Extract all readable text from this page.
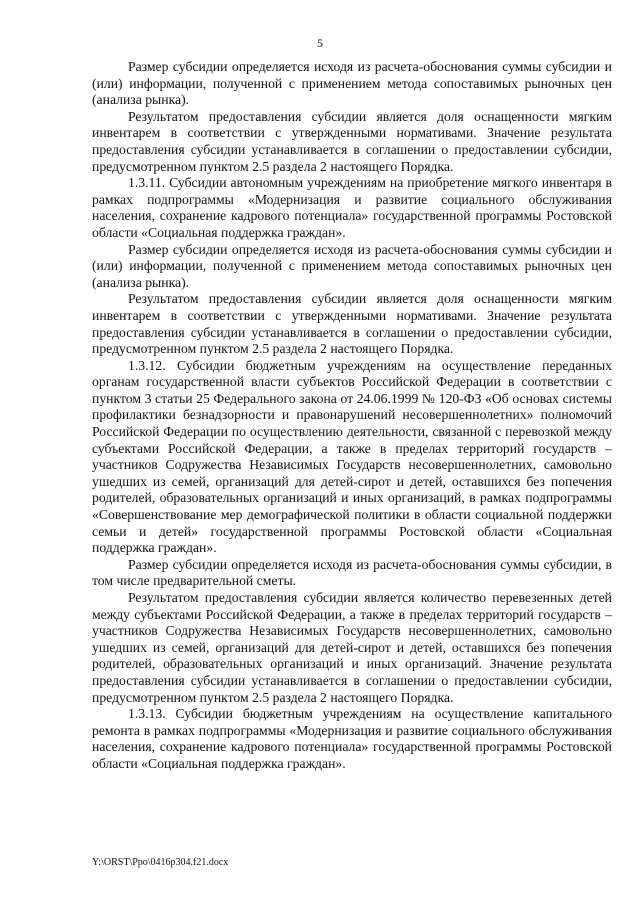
5

Размер субсидии определяется исходя из расчета-обоснования суммы субсидии и (или) информации, полученной с применением метода сопоставимых рыночных цен (анализа рынка).

Результатом предоставления субсидии является доля оснащенности мягким инвентарем в соответствии с утвержденными нормативами. Значение результата предоставления субсидии устанавливается в соглашении о предоставлении субсидии, предусмотренном пунктом 2.5 раздела 2 настоящего Порядка.

1.3.11. Субсидии автономным учреждениям на приобретение мягкого инвентаря в рамках подпрограммы «Модернизация и развитие социального обслуживания населения, сохранение кадрового потенциала» государственной программы Ростовской области «Социальная поддержка граждан».

Размер субсидии определяется исходя из расчета-обоснования суммы субсидии и (или) информации, полученной с применением метода сопоставимых рыночных цен (анализа рынка).

Результатом предоставления субсидии является доля оснащенности мягким инвентарем в соответствии с утвержденными нормативами. Значение результата предоставления субсидии устанавливается в соглашении о предоставлении субсидии, предусмотренном пунктом 2.5 раздела 2 настоящего Порядка.

1.3.12. Субсидии бюджетным учреждениям на осуществление переданных органам государственной власти субъектов Российской Федерации в соответствии с пунктом 3 статьи 25 Федерального закона от 24.06.1999 № 120-ФЗ «Об основах системы профилактики безнадзорности и правонарушений несовершеннолетних» полномочий Российской Федерации по осуществлению деятельности, связанной с перевозкой между субъектами Российской Федерации, а также в пределах территорий государств – участников Содружества Независимых Государств несовершеннолетних, самовольно ушедших из семей, организаций для детей-сирот и детей, оставшихся без попечения родителей, образовательных организаций и иных организаций, в рамках подпрограммы «Совершенствование мер демографической политики в области социальной поддержки семьи и детей» государственной программы Ростовской области «Социальная поддержка граждан».

Размер субсидии определяется исходя из расчета-обоснования суммы субсидии, в том числе предварительной сметы.

Результатом предоставления субсидии является количество перевезенных детей между субъектами Российской Федерации, а также в пределах территорий государств – участников Содружества Независимых Государств несовершеннолетних, самовольно ушедших из семей, организаций для детей-сирот и детей, оставшихся без попечения родителей, образовательных организаций и иных организаций. Значение результата предоставления субсидии устанавливается в соглашении о предоставлении субсидии, предусмотренном пунктом 2.5 раздела 2 настоящего Порядка.

1.3.13. Субсидии бюджетным учреждениям на осуществление капитального ремонта в рамках подпрограммы «Модернизация и развитие социального обслуживания населения, сохранение кадрового потенциала» государственной программы Ростовской области «Социальная поддержка граждан».

Y:\ORST\Ppo\0416p304.f21.docx
